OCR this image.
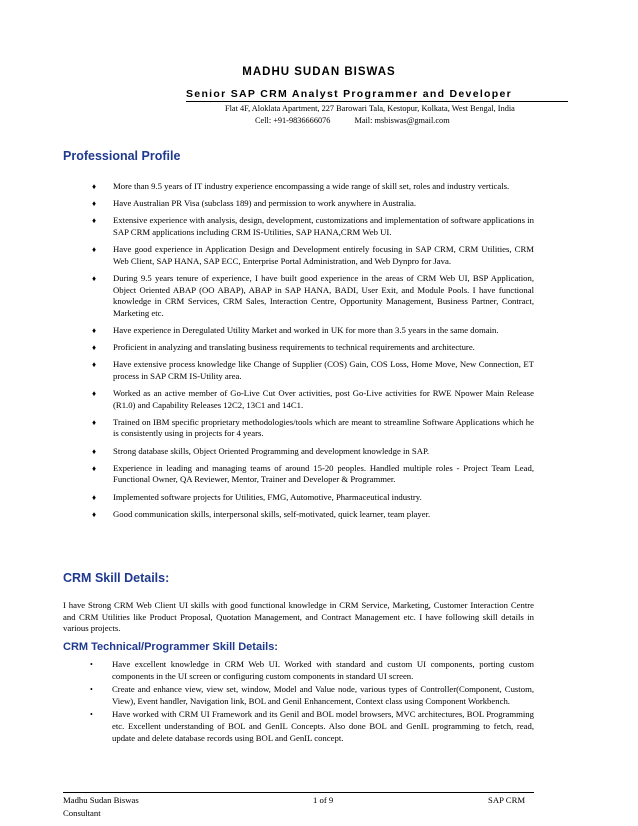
MADHU SUDAN BISWAS
Senior SAP CRM Analyst Programmer and Developer
Flat 4F, Aloklata Apartment, 227 Barowari Tala, Kestopur, Kolkata, West Bengal, India
Cell: +91-9836666076	Mail: msbiswas@gmail.com
Professional Profile
♦ More than 9.5 years of IT industry experience encompassing a wide range of skill set, roles and industry verticals.
♦ Have Australian PR Visa (subclass 189) and permission to work anywhere in Australia.
♦ Extensive experience with analysis, design, development, customizations and implementation of software applications in SAP CRM applications including CRM IS-Utilities, SAP HANA,CRM Web UI.
♦ Have good experience in Application Design and Development entirely focusing in SAP CRM, CRM Utilities, CRM Web Client, SAP HANA, SAP ECC, Enterprise Portal Administration, and Web Dynpro for Java.
♦ During 9.5 years tenure of experience, I have built good experience in the areas of CRM Web UI, BSP Application, Object Oriented ABAP (OO ABAP), ABAP in SAP HANA, BADI, User Exit, and Module Pools. I have functional knowledge in CRM Services, CRM Sales, Interaction Centre, Opportunity Management, Business Partner, Contract, Marketing etc.
♦ Have experience in Deregulated Utility Market and worked in UK for more than 3.5 years in the same domain.
♦ Proficient in analyzing and translating business requirements to technical requirements and architecture.
♦ Have extensive process knowledge like Change of Supplier (COS) Gain, COS Loss, Home Move, New Connection, ET process in SAP CRM IS-Utility area.
♦ Worked as an active member of Go-Live Cut Over activities, post Go-Live activities for RWE Npower Main Release (R1.0) and Capability Releases 12C2, 13C1 and 14C1.
♦ Trained on IBM specific proprietary methodologies/tools which are meant to streamline Software Applications which he is consistently using in projects for 4 years.
♦ Strong database skills, Object Oriented Programming and development knowledge in SAP.
♦ Experience in leading and managing teams of around 15-20 peoples. Handled multiple roles - Project Team Lead, Functional Owner, QA Reviewer, Mentor, Trainer and Developer & Programmer.
♦ Implemented software projects for Utilities, FMG, Automotive, Pharmaceutical industry.
♦ Good communication skills, interpersonal skills, self-motivated, quick learner, team player.
CRM Skill Details:
I have Strong CRM Web Client UI skills with good functional knowledge in CRM Service, Marketing, Customer Interaction Centre and CRM Utilities like Product Proposal, Quotation Management, and Contract Management etc. I have following skill details in various projects.
CRM Technical/Programmer Skill Details:
• Have excellent knowledge in CRM Web UI. Worked with standard and custom UI components, porting custom components in the UI screen or configuring custom components in standard UI screen.
• Create and enhance view, view set, window, Model and Value node, various types of Controller(Component, Custom, View), Event handler, Navigation link, BOL and Genil Enhancement, Context class using Component Workbench.
• Have worked with CRM UI Framework and its Genil and BOL model browsers, MVC architectures, BOL Programming etc. Excellent understanding of BOL and GenIL Concepts. Also done BOL and GenIL programming to fetch, read, update and delete database records using BOL and GenIL concept.
Madhu Sudan Biswas
Consultant
1 of 9	SAP CRM
